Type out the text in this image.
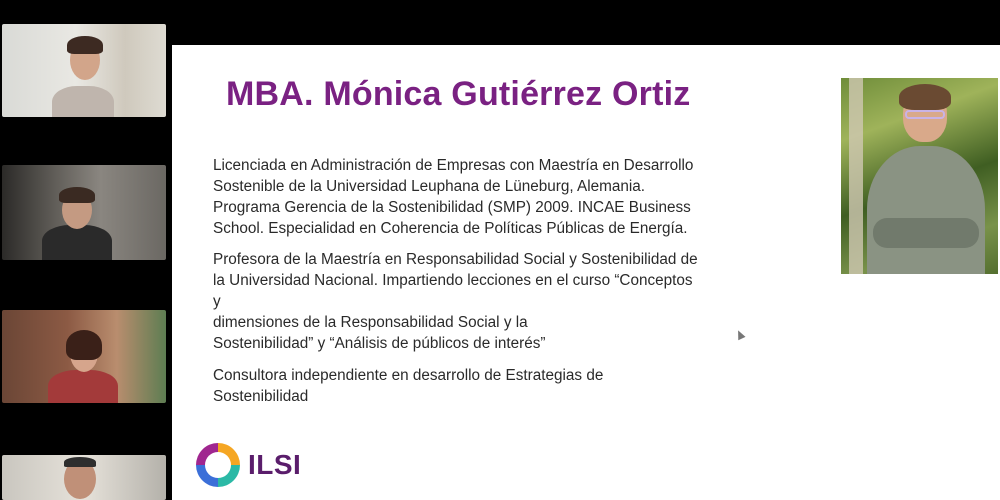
MBA. Mónica Gutiérrez Ortiz
Licenciada en Administración de Empresas con Maestría en Desarrollo
Sostenible de la Universidad Leuphana de Lüneburg, Alemania.
Programa Gerencia de la Sostenibilidad (SMP) 2009. INCAE Business
School. Especialidad en Coherencia de Políticas Públicas de Energía.
Profesora de la Maestría en Responsabilidad Social y Sostenibilidad de
la Universidad Nacional. Impartiendo lecciones en el curso “Conceptos
y
dimensiones de la Responsabilidad Social y la
Sostenibilidad” y “Análisis de públicos de interés”
Consultora independiente en desarrollo de Estrategias de
Sostenibilidad
ILSI
